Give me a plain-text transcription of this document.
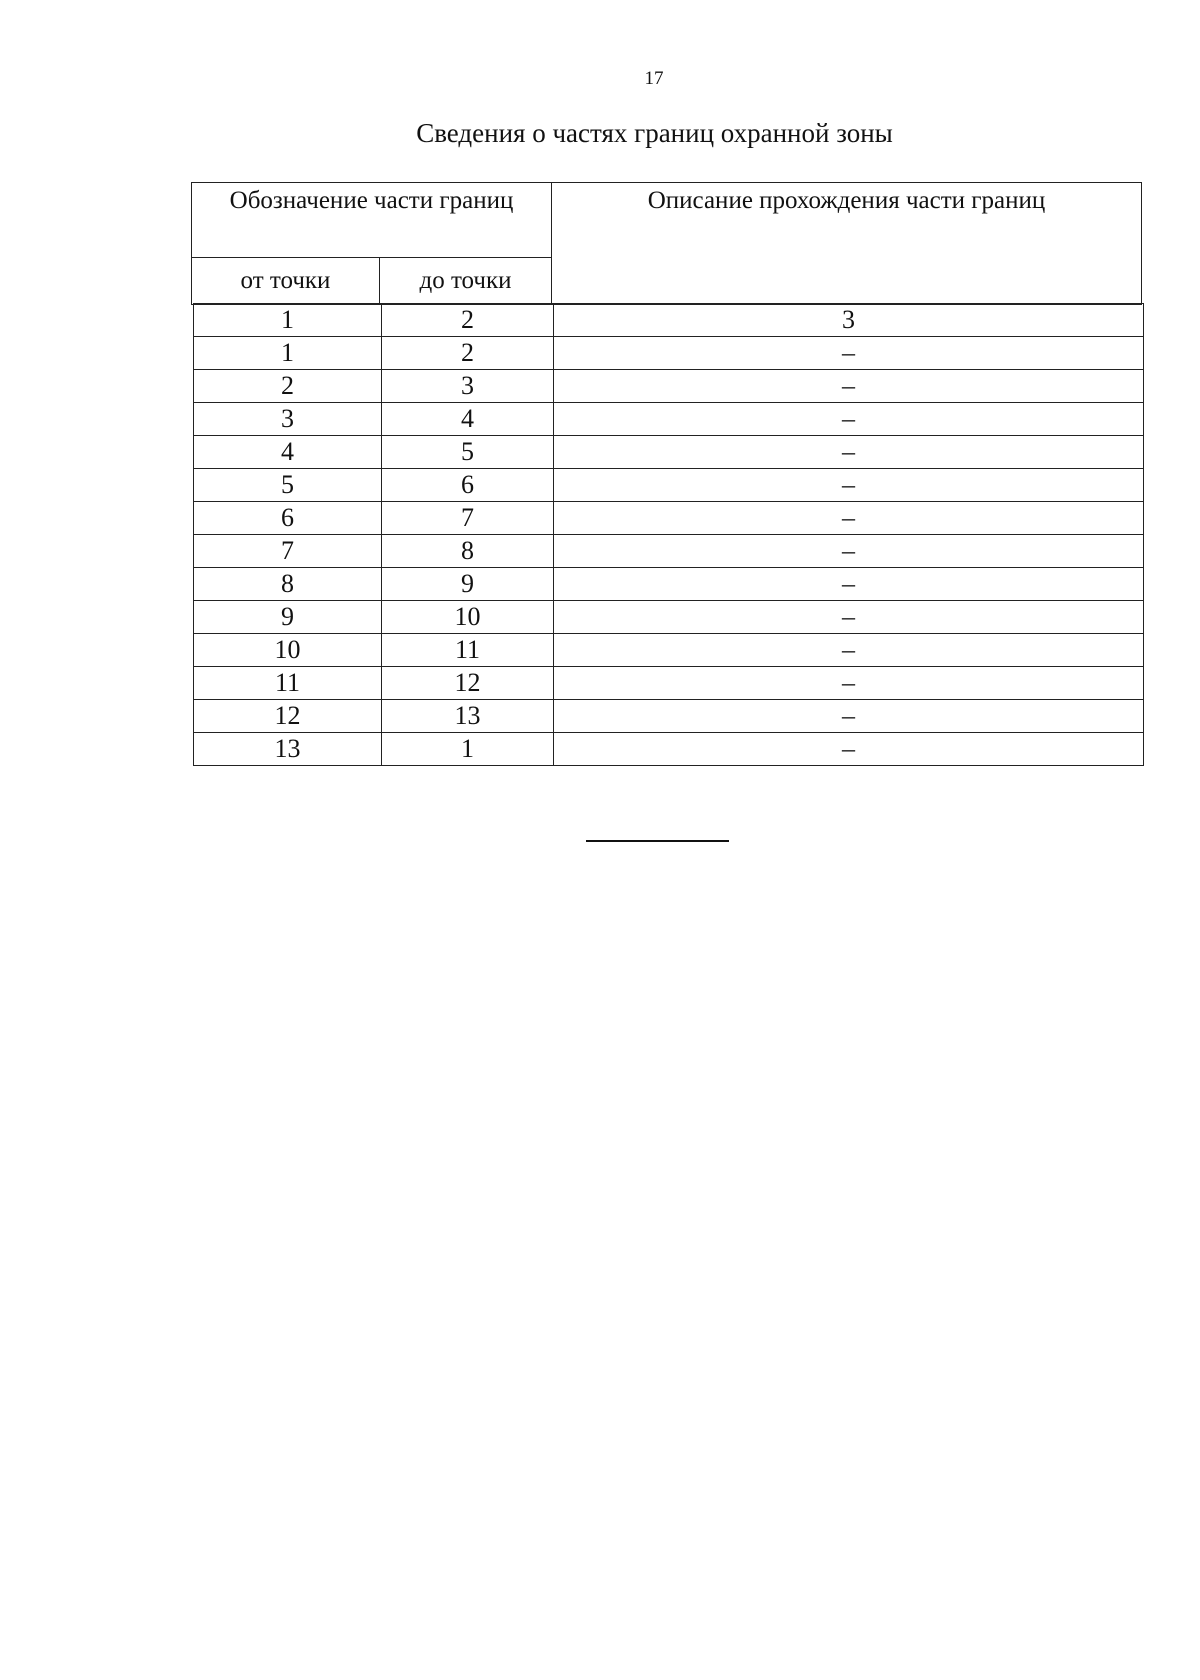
17
Сведения о частях границ охранной зоны
Обозначение части границ		Описание прохождения части границ
от точки	до точки	
1	2	3
1	2	–
2	3	–
3	4	–
4	5	–
5	6	–
6	7	–
7	8	–
8	9	–
9	10	–
10	11	–
11	12	–
12	13	–
13	1	–
